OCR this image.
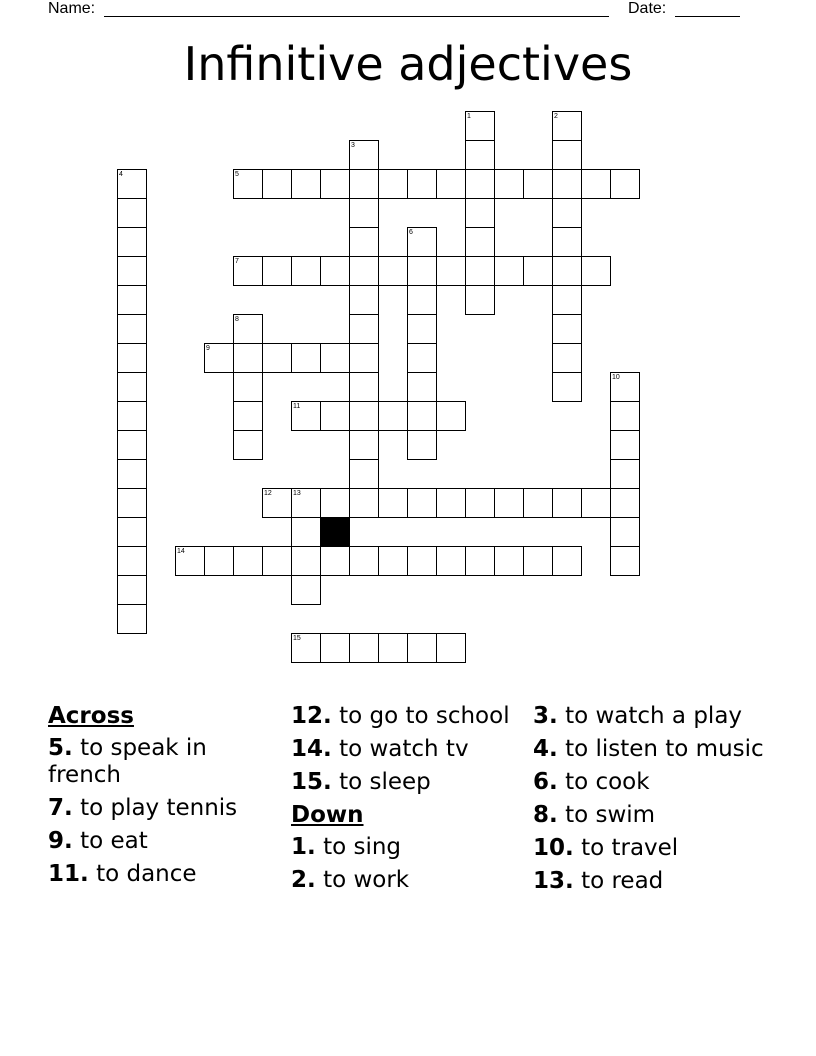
Name:	Date:
Infinitive adjectives
1	2
3
4	5
6
7
8
9
10
11
12	13
14
15
Across
5. to speak in french
7. to play tennis
9. to eat
11. to dance
12. to go to school
14. to watch tv
15. to sleep
Down
1. to sing
2. to work
3. to watch a play
4. to listen to music
6. to cook
8. to swim
10. to travel
13. to read
